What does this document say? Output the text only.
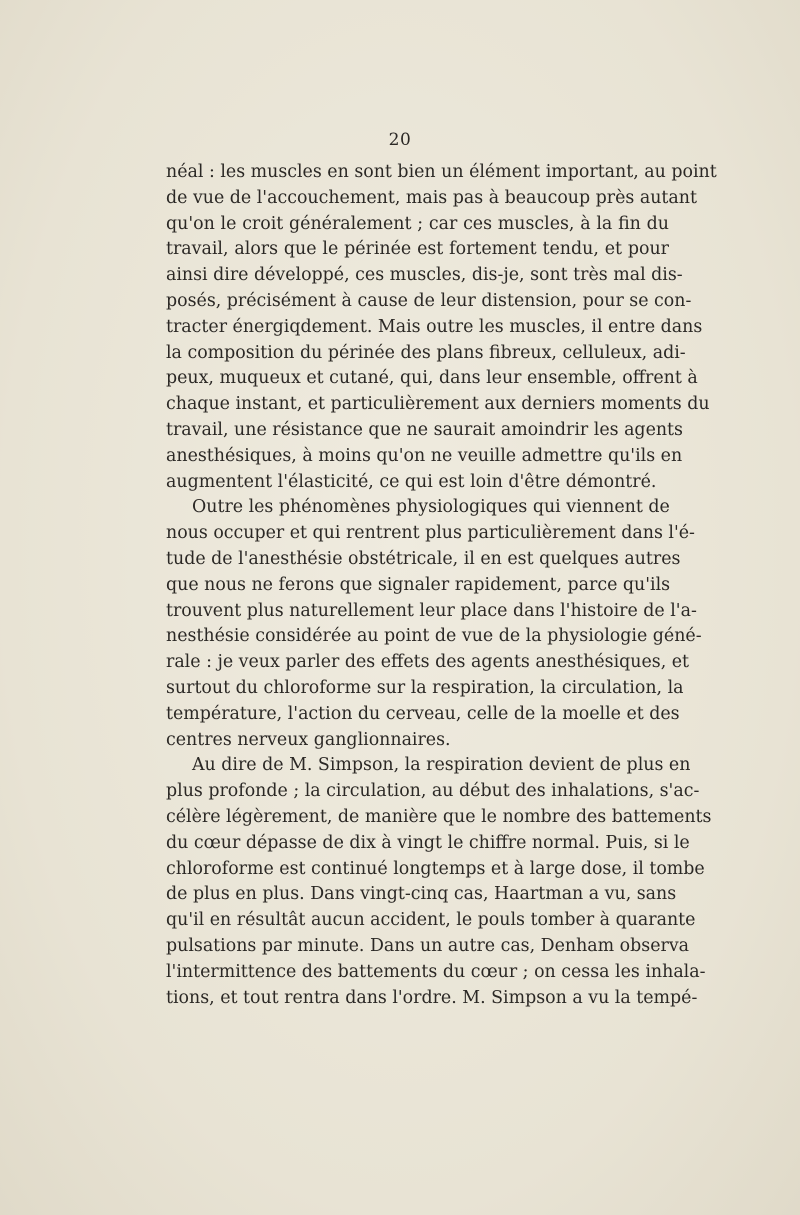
20
néal : les muscles en sont bien un élément important, au point
de vue de l'accouchement, mais pas à beaucoup près autant
qu'on le croit généralement ; car ces muscles, à la fin du
travail, alors que le périnée est fortement tendu, et pour
ainsi dire développé, ces muscles, dis-je, sont très mal dis-
posés, précisément à cause de leur distension, pour se con-
tracter énergiqdement. Mais outre les muscles, il entre dans
la composition du périnée des plans fibreux, celluleux, adi-
peux, muqueux et cutané, qui, dans leur ensemble, offrent à
chaque instant, et particulièrement aux derniers moments du
travail, une résistance que ne saurait amoindrir les agents
anesthésiques, à moins qu'on ne veuille admettre qu'ils en
augmentent l'élasticité, ce qui est loin d'être démontré.
Outre les phénomènes physiologiques qui viennent de
nous occuper et qui rentrent plus particulièrement dans l'é-
tude de l'anesthésie obstétricale, il en est quelques autres
que nous ne ferons que signaler rapidement, parce qu'ils
trouvent plus naturellement leur place dans l'histoire de l'a-
nesthésie considérée au point de vue de la physiologie géné-
rale : je veux parler des effets des agents anesthésiques, et
surtout du chloroforme sur la respiration, la circulation, la
température, l'action du cerveau, celle de la moelle et des
centres nerveux ganglionnaires.
Au dire de M. Simpson, la respiration devient de plus en
plus profonde ; la circulation, au début des inhalations, s'ac-
célère légèrement, de manière que le nombre des battements
du cœur dépasse de dix à vingt le chiffre normal. Puis, si le
chloroforme est continué longtemps et à large dose, il tombe
de plus en plus. Dans vingt-cinq cas, Haartman a vu, sans
qu'il en résultât aucun accident, le pouls tomber à quarante
pulsations par minute. Dans un autre cas, Denham observa
l'intermittence des battements du cœur ; on cessa les inhala-
tions, et tout rentra dans l'ordre. M. Simpson a vu la tempé-
